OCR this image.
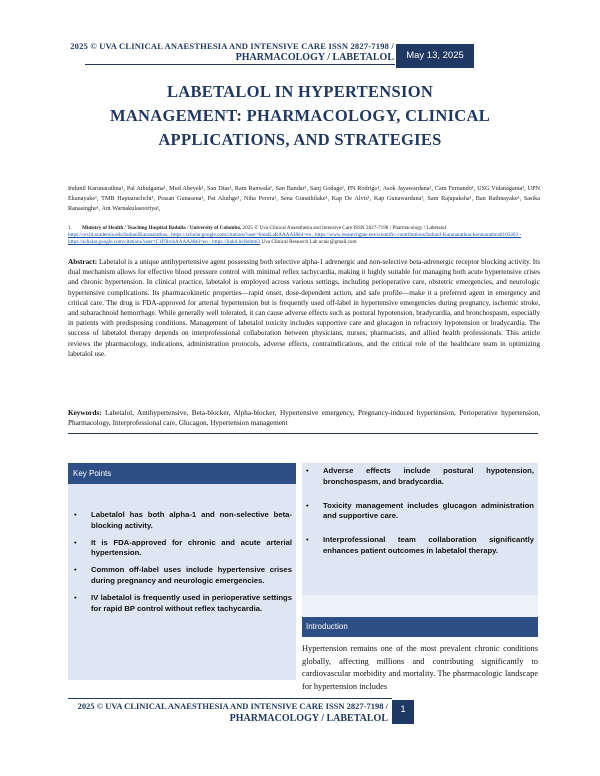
2025 © UVA CLINICAL ANAESTHESIA AND INTENSIVE CARE ISSN 2827-7198 /
PHARMACOLOGY / LABETALOL	May 13, 2025
LABETALOL IN HYPERTENSION MANAGEMENT: PHARMACOLOGY, CLINICAL APPLICATIONS, AND STRATEGIES
Indunil Karunarathna¹, Pal Athulgama¹, Mud Abeyek¹, San Dias¹, Ram Ranwala¹, San Bandar¹, Sanj Godage¹, PN Rodrigo¹, Asok Jayawardana¹, Cam Fernando¹, USG Vidanagama¹, UPN Ekanayake¹, TMB Hapuarachchi¹, Prasan Gunasena¹, Pat Aluthge¹, Niha Perera¹, Sena Gunathilake¹, Kap De Alvis¹, Kap Gunawardana¹, Sam Rajapaksha¹, Ban Rathnayake¹, Sasika Ranasinghe¹, Ant Warnakulasooriya¹,
1. Ministry of Health / Teaching Hospital Badulla / University of Colombo. 2025 © Uva Clinical Anaesthesia and Intensive Care ISSN 2827-7198 / Pharmacology / Labetalol https://orcid.academia.edu/IndunilKarunarathna , https://scholar.google.com/citations?user=kmalLaRAAAAJ&hl=en , https://www.researchgate.net/scientific-contributions/Indunil-Karunarathna-karunarathna0105403 - https://scholar.google.com/citations?user=C1P3bvkAAAAJ&hl=en - https://linkd.in/lbdmti3 Uva Clinical Research Lab ucaic@gmail.com
Abstract: Labetalol is a unique antihypertensive agent possessing both selective alpha-1 adrenergic and non-selective beta-adrenergic receptor blocking activity. Its dual mechanism allows for effective blood pressure control with minimal reflex tachycardia, making it highly suitable for managing both acute hypertensive crises and chronic hypertension. In clinical practice, labetalol is employed across various settings, including perioperative care, obstetric emergencies, and neurologic hypertensive complications. Its pharmacokinetic properties—rapid onset, dose-dependent action, and safe profile—make it a preferred agent in emergency and critical care. The drug is FDA-approved for arterial hypertension but is frequently used off-label in hypertensive emergencies during pregnancy, ischemic stroke, and subarachnoid hemorrhage. While generally well tolerated, it can cause adverse effects such as postural hypotension, bradycardia, and bronchospasm, especially in patients with predisposing conditions. Management of labetalol toxicity includes supportive care and glucagon in refractory hypotension or bradycardia. The success of labetalol therapy depends on interprofessional collaboration between physicians, nurses, pharmacists, and allied health professionals. This article reviews the pharmacology, indications, administration protocols, adverse effects, contraindications, and the critical role of the healthcare team in optimizing labetalol use.
Keywords: Labetalol, Antihypertensive, Beta-blocker, Alpha-blocker, Hypertensive emergency, Pregnancy-induced hypertension, Perioperative hypertension, Pharmacology, Interprofessional care, Glucagon, Hypertension management
Key Points
• Labetalol has both alpha-1 and non-selective beta-blocking activity.
• It is FDA-approved for chronic and acute arterial hypertension.
• Common off-label uses include hypertensive crises during pregnancy and neurologic emergencies.
• IV labetalol is frequently used in perioperative settings for rapid BP control without reflex tachycardia.
• Adverse effects include postural hypotension, bronchospasm, and bradycardia.
• Toxicity management includes glucagon administration and supportive care.
• Interprofessional team collaboration significantly enhances patient outcomes in labetalol therapy.
Introduction
Hypertension remains one of the most prevalent chronic conditions globally, affecting millions and contributing significantly to cardiovascular morbidity and mortality. The pharmacologic landscape for hypertension includes
2025 © UVA CLINICAL ANAESTHESIA AND INTENSIVE CARE ISSN 2827-7198 /
PHARMACOLOGY / LABETALOL
1
